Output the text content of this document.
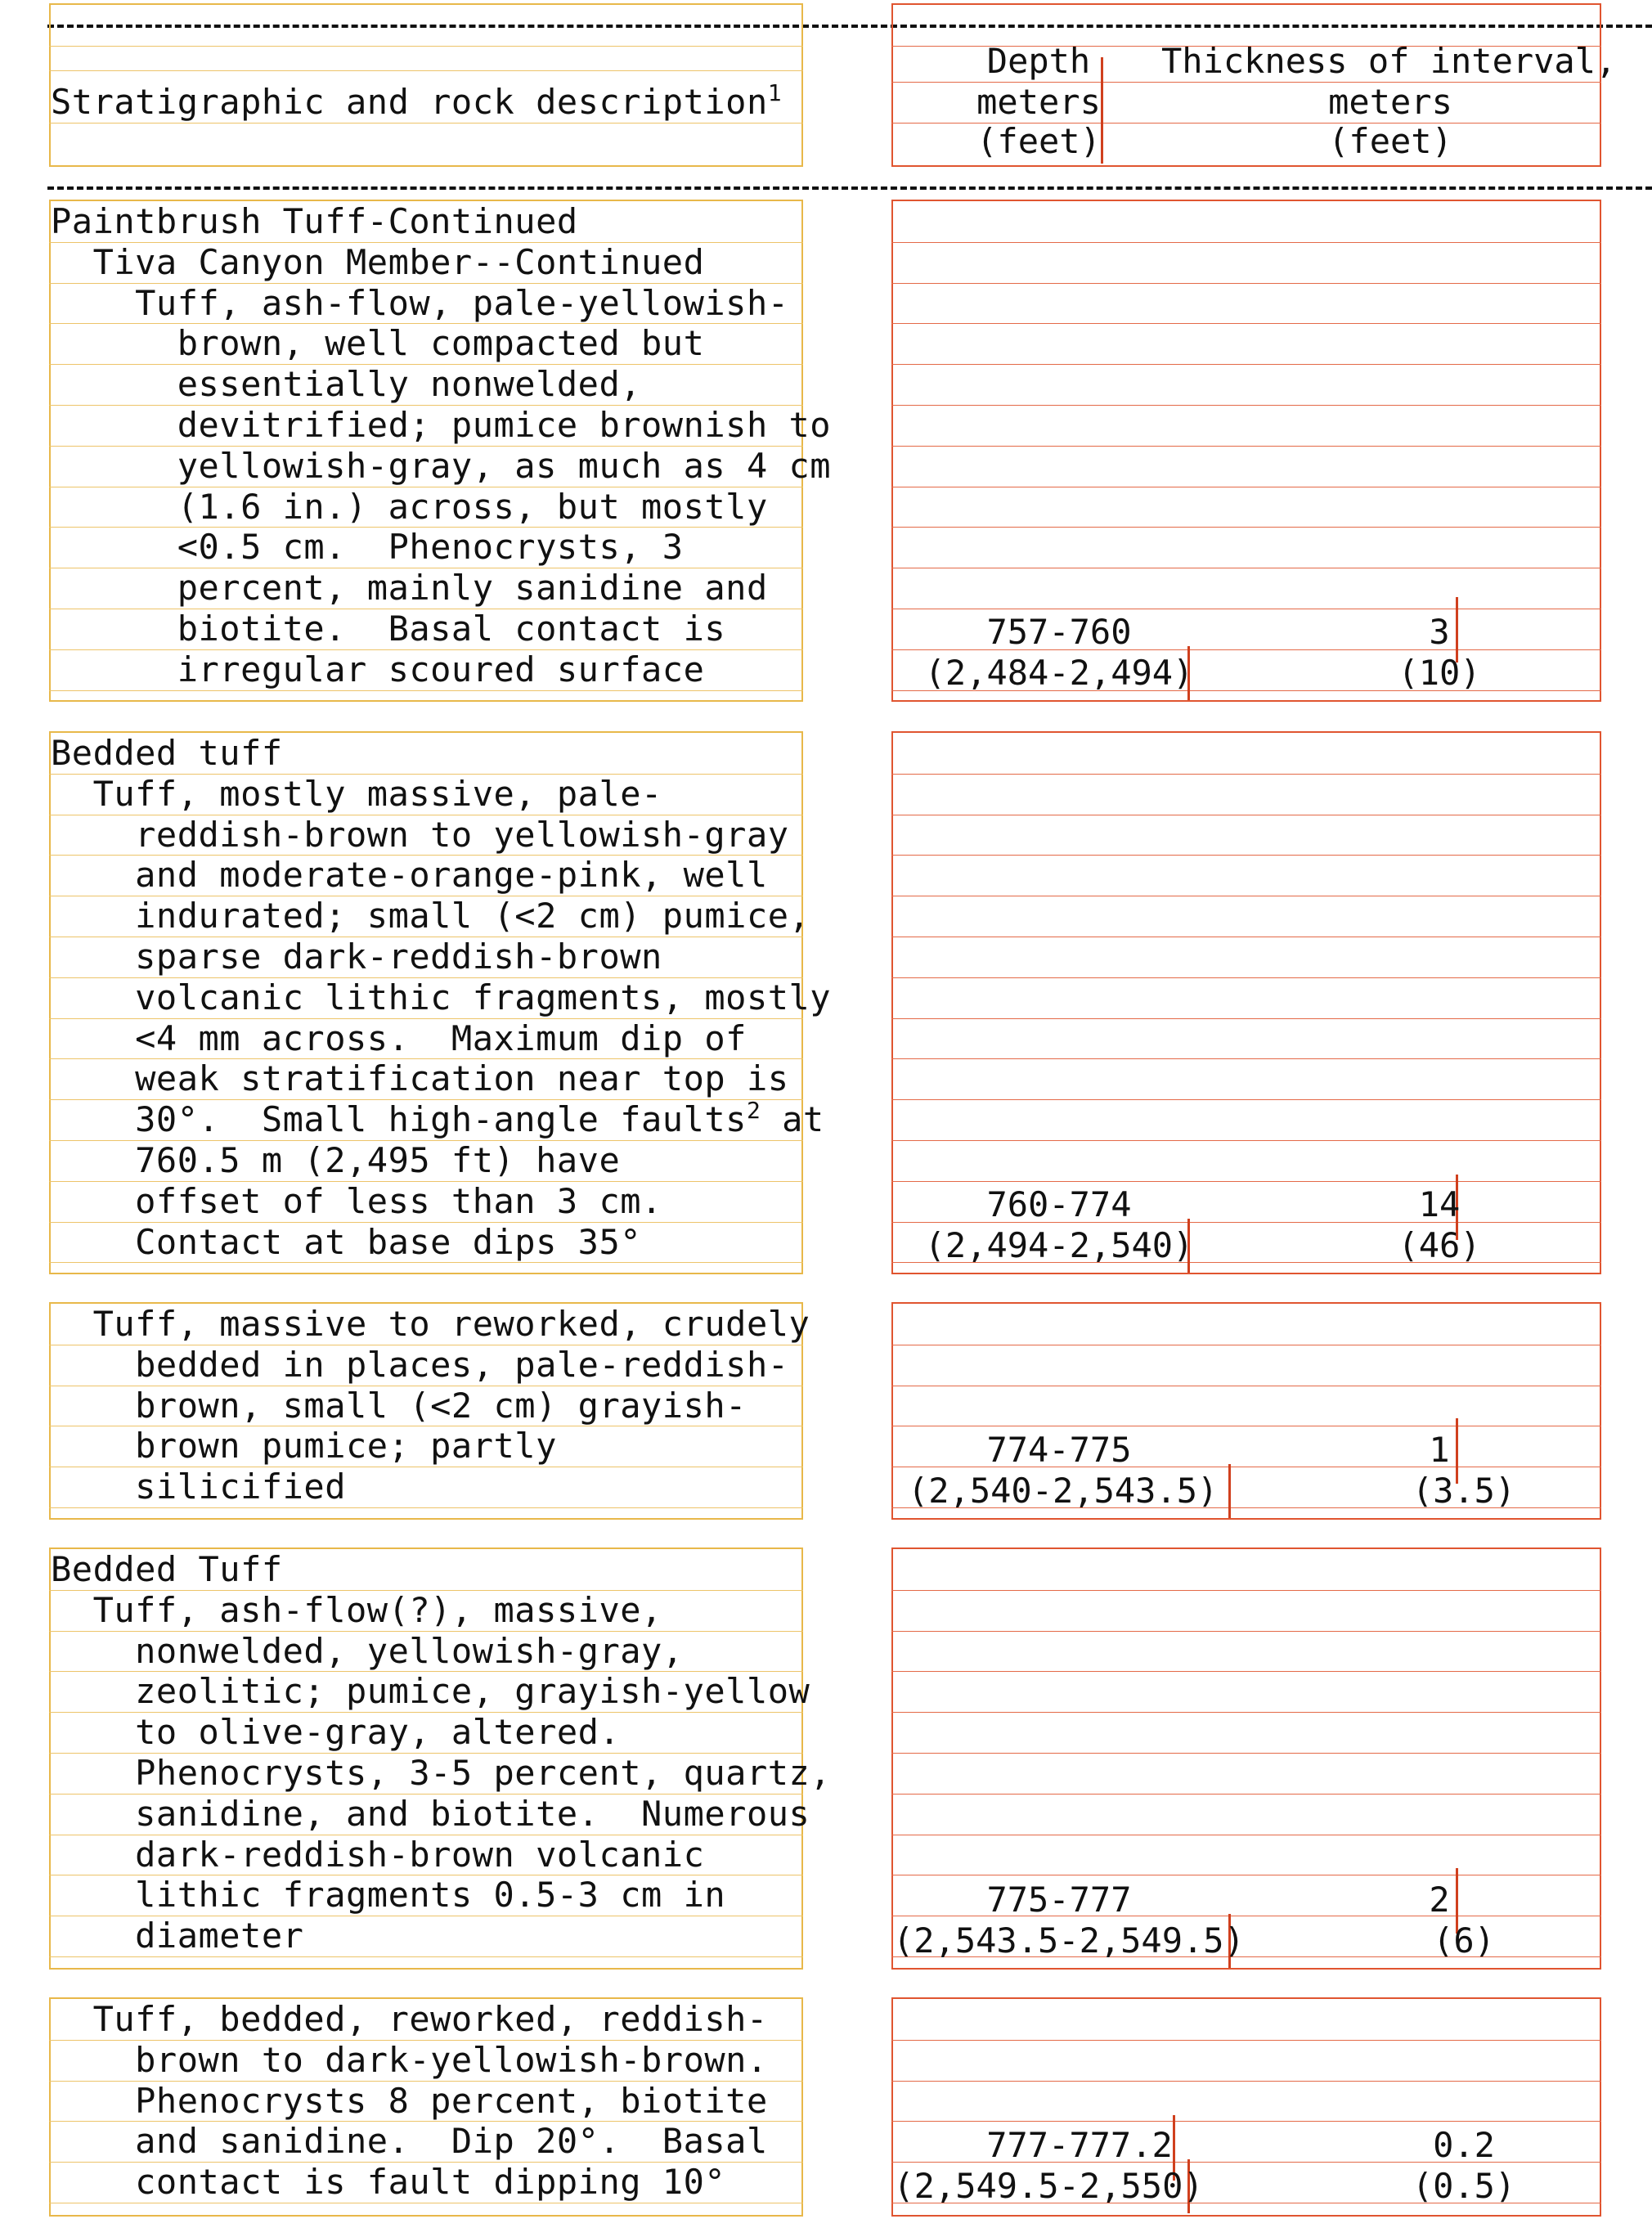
Stratigraphic and rock description$^1$
Depth
meters
(feet)
Thickness of interval,
meters
(feet)
Paintbrush Tuff-Continued
Tiva Canyon Member--Continued
Tuff, ash-flow, pale-yellowish-
brown, well compacted but
essentially nonwelded,
devitrified; pumice brownish to
yellowish-gray, as much as 4 cm
(1.6 in.) across, but mostly
<0.5 cm.  Phenocrysts, 3
percent, mainly sanidine and
biotite.  Basal contact is
irregular scoured surface
757-760
(2,484-2,494)
3
(10)
Bedded tuff
Tuff, mostly massive, pale-
reddish-brown to yellowish-gray
and moderate-orange-pink, well
indurated; small (<2 cm) pumice,
sparse dark-reddish-brown
volcanic lithic fragments, mostly
<4 mm across.  Maximum dip of
weak stratification near top is
30°.  Small high-angle faults$^2$ at
760.5 m (2,495 ft) have
offset of less than 3 cm.
Contact at base dips 35°
760-774
(2,494-2,540)
14
(46)
Tuff, massive to reworked, crudely
bedded in places, pale-reddish-
brown, small (<2 cm) grayish-
brown pumice; partly
silicified
774-775
(2,540-2,543.5)
1
(3.5)
Bedded Tuff
Tuff, ash-flow(?), massive,
nonwelded, yellowish-gray,
zeolitic; pumice, grayish-yellow
to olive-gray, altered.
Phenocrysts, 3-5 percent, quartz,
sanidine, and biotite.  Numerous
dark-reddish-brown volcanic
lithic fragments 0.5-3 cm in
diameter
775-777
(2,543.5-2,549.5)
2
(6)
Tuff, bedded, reworked, reddish-
brown to dark-yellowish-brown.
Phenocrysts 8 percent, biotite
and sanidine.  Dip 20°.  Basal
contact is fault dipping 10°
777-777.2
(2,549.5-2,550)
0.2
(0.5)
